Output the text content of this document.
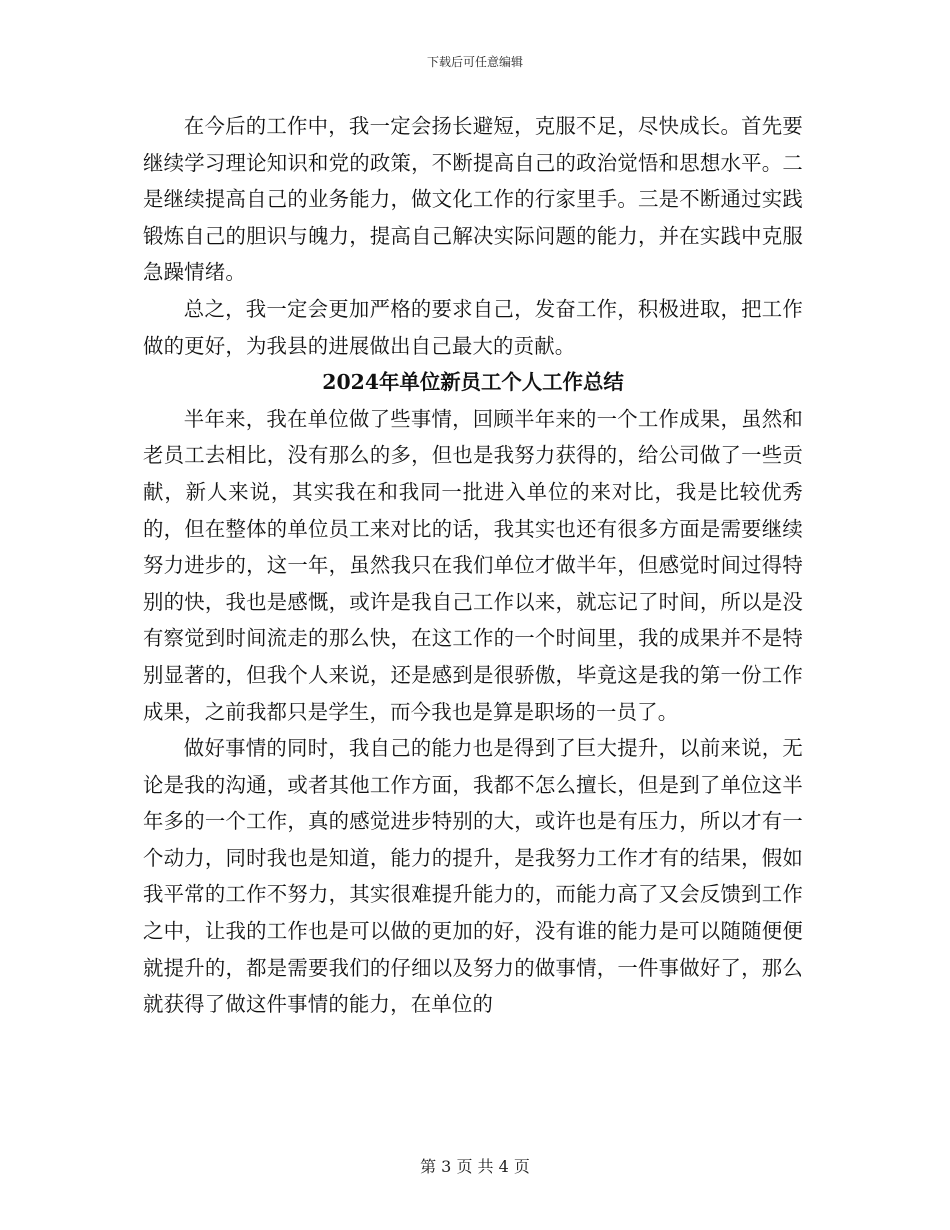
下载后可任意编辑

在今后的工作中，我一定会扬长避短，克服不足，尽快成长。首先要继续学习理论知识和党的政策，不断提高自己的政治觉悟和思想水平。二是继续提高自己的业务能力，做文化工作的行家里手。三是不断通过实践锻炼自己的胆识与魄力，提高自己解决实际问题的能力，并在实践中克服急躁情绪。

总之，我一定会更加严格的要求自己，发奋工作，积极进取，把工作做的更好，为我县的进展做出自己最大的贡献。

2024年单位新员工个人工作总结

半年来，我在单位做了些事情，回顾半年来的一个工作成果，虽然和老员工去相比，没有那么的多，但也是我努力获得的，给公司做了一些贡献，新人来说，其实我在和我同一批进入单位的来对比，我是比较优秀的，但在整体的单位员工来对比的话，我其实也还有很多方面是需要继续努力进步的，这一年，虽然我只在我们单位才做半年，但感觉时间过得特别的快，我也是感慨，或许是我自己工作以来，就忘记了时间，所以是没有察觉到时间流走的那么快，在这工作的一个时间里，我的成果并不是特别显著的，但我个人来说，还是感到是很骄傲，毕竟这是我的第一份工作成果，之前我都只是学生，而今我也是算是职场的一员了。

做好事情的同时，我自己的能力也是得到了巨大提升，以前来说，无论是我的沟通，或者其他工作方面，我都不怎么擅长，但是到了单位这半年多的一个工作，真的感觉进步特别的大，或许也是有压力，所以才有一个动力，同时我也是知道，能力的提升，是我努力工作才有的结果，假如我平常的工作不努力，其实很难提升能力的，而能力高了又会反馈到工作之中，让我的工作也是可以做的更加的好，没有谁的能力是可以随随便便就提升的，都是需要我们的仔细以及努力的做事情，一件事做好了，那么就获得了做这件事情的能力，在单位的

第 3 页 共 4 页
